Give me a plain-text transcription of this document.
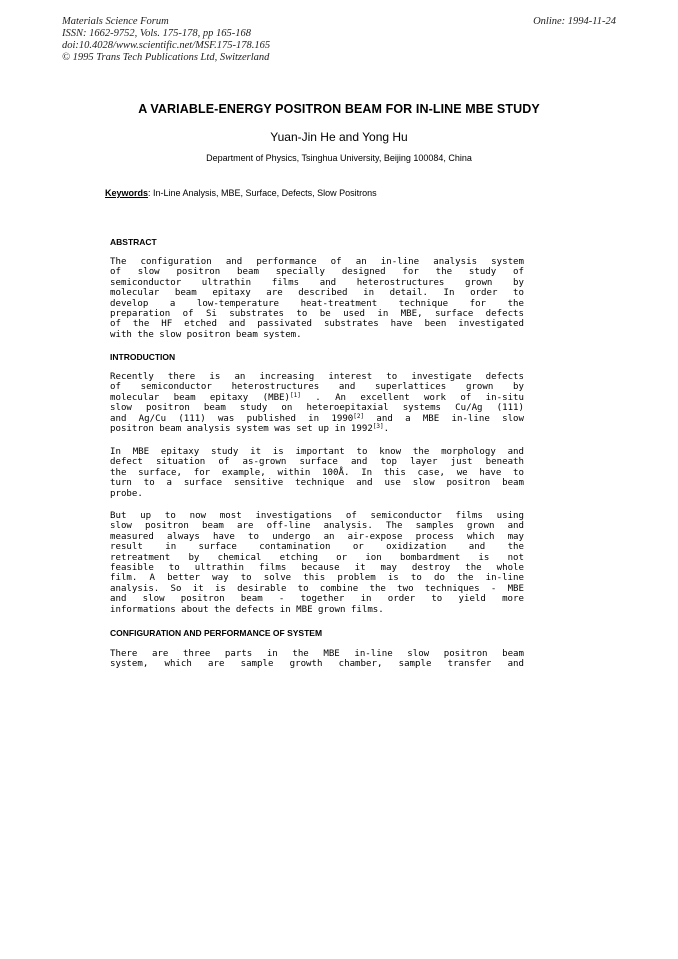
Materials Science Forum
ISSN: 1662-9752, Vols. 175-178, pp 165-168
doi:10.4028/www.scientific.net/MSF.175-178.165
© 1995 Trans Tech Publications Ltd, Switzerland
Online: 1994-11-24
A VARIABLE-ENERGY POSITRON BEAM FOR IN-LINE MBE STUDY
Yuan-Jin He and Yong Hu
Department of Physics, Tsinghua University, Beijing 100084, China
Keywords: In-Line Analysis, MBE, Surface, Defects, Slow Positrons
ABSTRACT
The configuration and performance of an in-line analysis system
of slow positron beam specially designed for the study of
semiconductor ultrathin films and heterostructures grown by
molecular beam epitaxy are described in detail. In order to
develop a low-temperature heat-treatment technique for the
preparation of Si substrates to be used in MBE, surface defects
of the HF etched and passivated substrates have been investigated
with the slow positron beam system.
INTRODUCTION
Recently there is an increasing interest to investigate defects
of semiconductor heterostructures and superlattices grown by
molecular beam epitaxy (MBE)[1] . An excellent work of in-situ
slow positron beam study on heteroepitaxial systems Cu/Ag (111)
and Ag/Cu (111) was published in 1990[2] and a MBE in-line slow
positron beam analysis system was set up in 1992[3].
In MBE epitaxy study it is important to know the morphology and
defect situation of as-grown surface and top layer just beneath
the surface, for example, within 100Å. In this case, we have to
turn to a surface sensitive technique and use slow positron beam
probe.
But up to now most investigations of semiconductor films using
slow positron beam are off-line analysis. The samples grown and
measured always have to undergo an air-expose process which may
result in surface contamination or oxidization and the
retreatment by chemical etching or ion bombardment is not
feasible to ultrathin films because it may destroy the whole
film. A better way to solve this problem is to do the in-line
analysis. So it is desirable to combine the two techniques - MBE
and slow positron beam - together in order to yield more
informations about the defects in MBE grown films.
CONFIGURATION AND PERFORMANCE OF SYSTEM
There are three parts in the MBE in-line slow positron beam
system, which are sample growth chamber, sample transfer and
